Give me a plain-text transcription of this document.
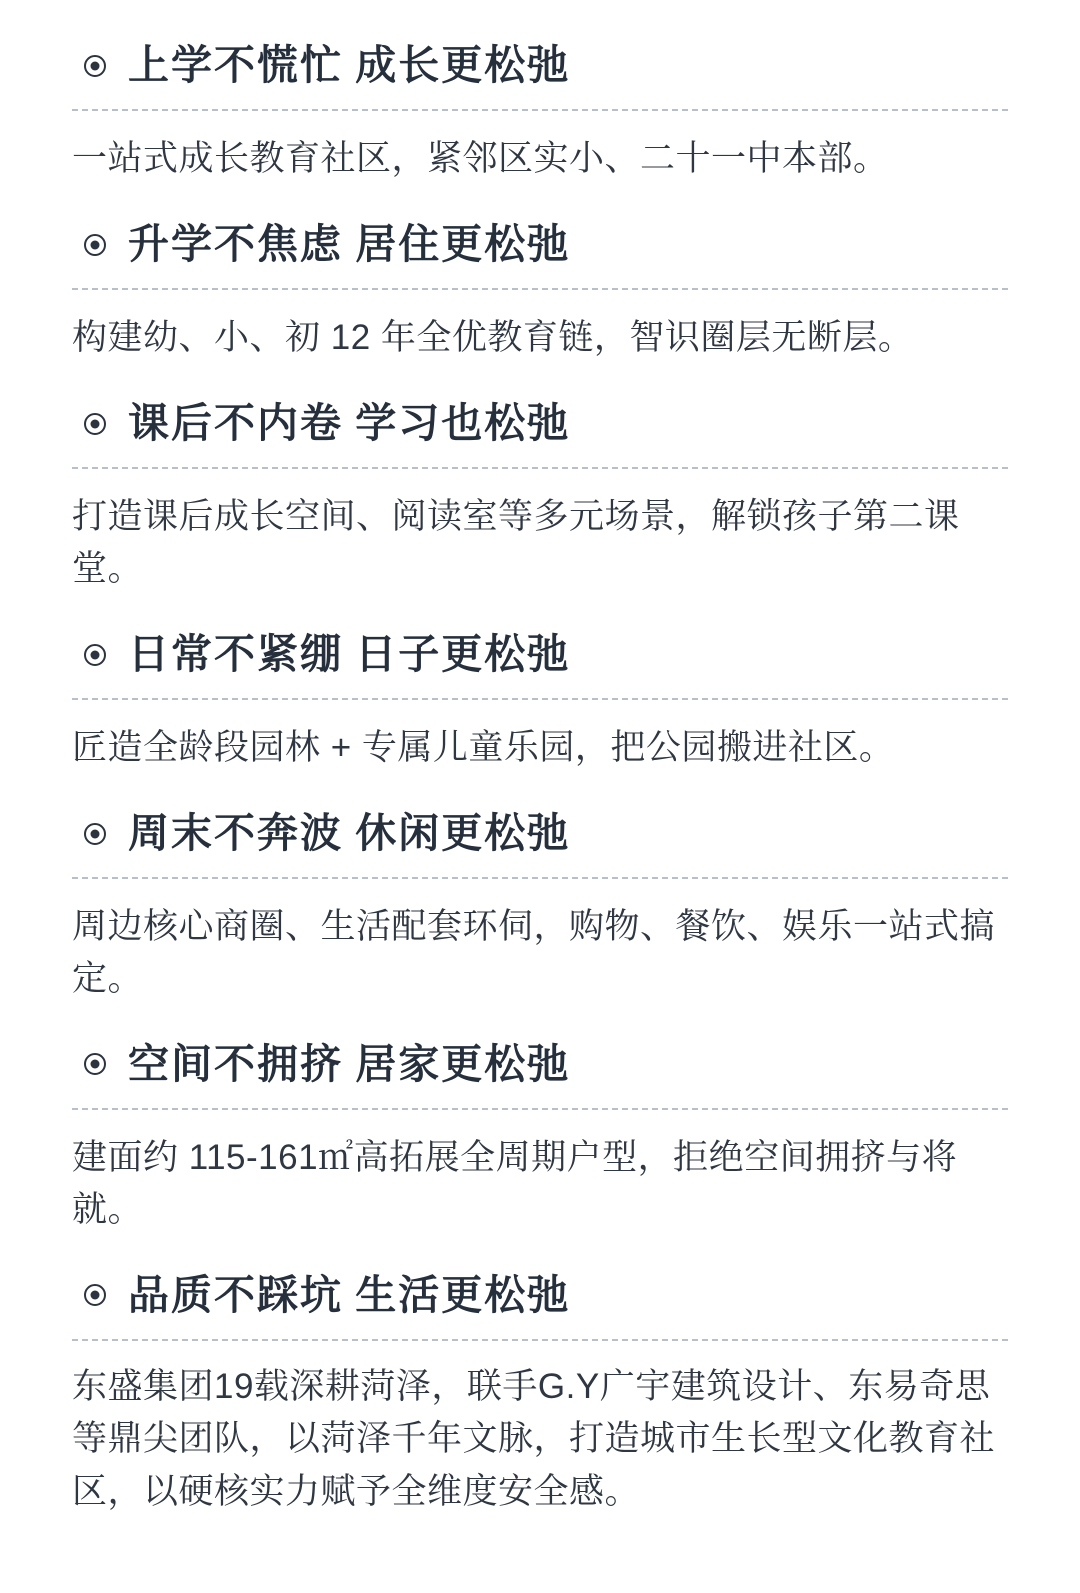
上学不慌忙 成长更松弛
一站式成长教育社区，紧邻区实小、二十一中本部。
升学不焦虑 居住更松弛
构建幼、小、初 12 年全优教育链，智识圈层无断层。
课后不内卷 学习也松弛
打造课后成长空间、阅读室等多元场景，解锁孩子第二课堂。
日常不紧绷 日子更松弛
匠造全龄段园林 + 专属儿童乐园，把公园搬进社区。
周末不奔波 休闲更松弛
周边核心商圈、生活配套环伺，购物、餐饮、娱乐一站式搞定。
空间不拥挤 居家更松弛
建面约 115-161㎡高拓展全周期户型，拒绝空间拥挤与将就。
品质不踩坑 生活更松弛
东盛集团19载深耕菏泽，联手G.Y广宇建筑设计、东易奇思等鼎尖团队，以菏泽千年文脉，打造城市生长型文化教育社区，以硬核实力赋予全维度安全感。
